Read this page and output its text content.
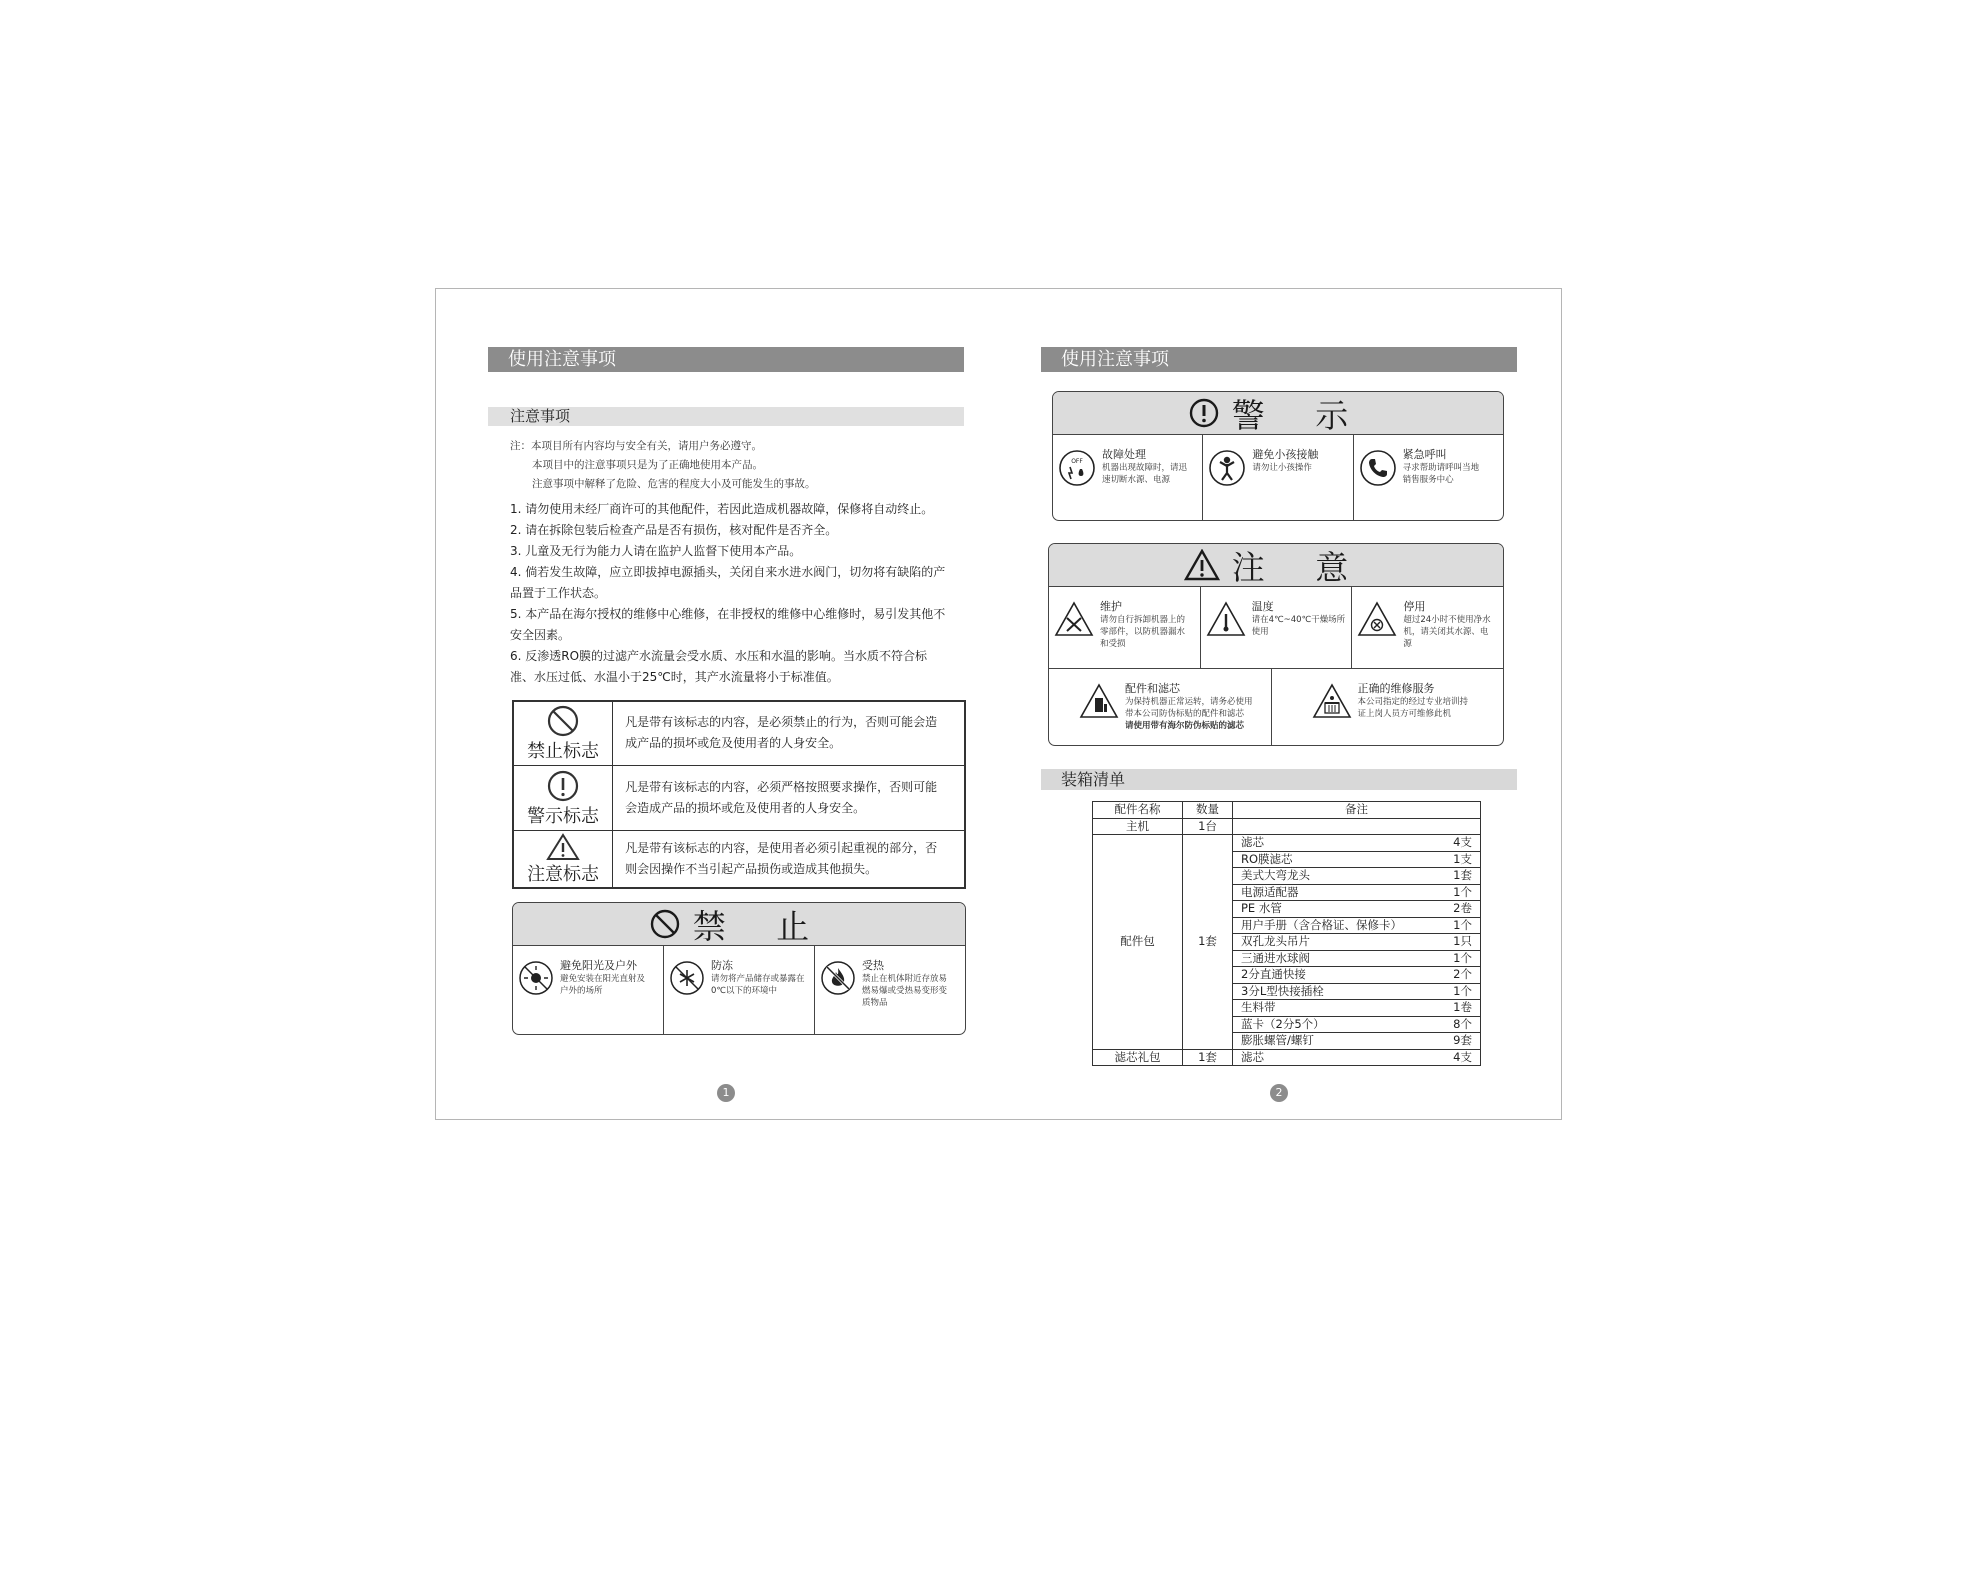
使用注意事项
注意事项
注：本项目所有内容均与安全有关，请用户务必遵守。
本项目中的注意事项只是为了正确地使用本产品。
注意事项中解释了危险、危害的程度大小及可能发生的事故。
1. 请勿使用未经厂商许可的其他配件，若因此造成机器故障，保修将自动终止。
2. 请在拆除包装后检查产品是否有损伤，核对配件是否齐全。
3. 儿童及无行为能力人请在监护人监督下使用本产品。
4. 倘若发生故障，应立即拔掉电源插头，关闭自来水进水阀门，切勿将有缺陷的产
品置于工作状态。
5. 本产品在海尔授权的维修中心维修，在非授权的维修中心维修时，易引发其他不
安全因素。
6. 反渗透RO膜的过滤产水流量会受水质、水压和水温的影响。当水质不符合标
准、水压过低、水温小于25℃时，其产水流量将小于标准值。
禁止标志	凡是带有该标志的内容，是必须禁止的行为，否则可能会造
成产品的损坏或危及使用者的人身安全。

警示标志	凡是带有该标志的内容，必须严格按照要求操作，否则可能
会造成产品的损坏或危及使用者的人身安全。

注意标志	凡是带有该标志的内容，是使用者必须引起重视的部分，否
则会因操作不当引起产品损伤或造成其他损失。
禁 止
避免阳光及户外
避免安装在阳光直射及
户外的场所
防冻
请勿将产品储存或暴露在
0℃以下的环境中
受热
禁止在机体附近存放易
燃易爆或受热易变形变
质物品
1
使用注意事项
警 示
OFF
故障处理
机器出现故障时，请迅
速切断水源、电源
避免小孩接触
请勿让小孩操作
紧急呼叫
寻求帮助请呼叫当地
销售服务中心
注 意
维护
请勿自行拆卸机器上的
零部件，以防机器漏水
和受损
温度
请在4℃~40℃干燥场所
使用
停用
超过24小时不使用净水
机，请关闭其水源、电
源
配件和滤芯
为保持机器正常运转，请务必使用
带本公司防伪标贴的配件和滤芯
请使用带有海尔防伪标贴的滤芯
正确的维修服务
本公司指定的经过专业培训持
证上岗人员方可维修此机
装箱清单
配件名称	数量	备注	
主机	1台		
配件包	1套	滤芯	4支
		RO膜滤芯	1支
		美式大弯龙头	1套
		电源适配器	1个
		PE 水管	2卷
		用户手册（含合格证、保修卡）	1个
		双孔龙头吊片	1只
		三通进水球阀	1个
		2分直通快接	2个
		3分L型快接插栓	1个
		生料带	1卷
		蓝卡（2分5个）	8个
		膨胀螺管/螺钉	9套
滤芯礼包	1套	滤芯	4支
2
